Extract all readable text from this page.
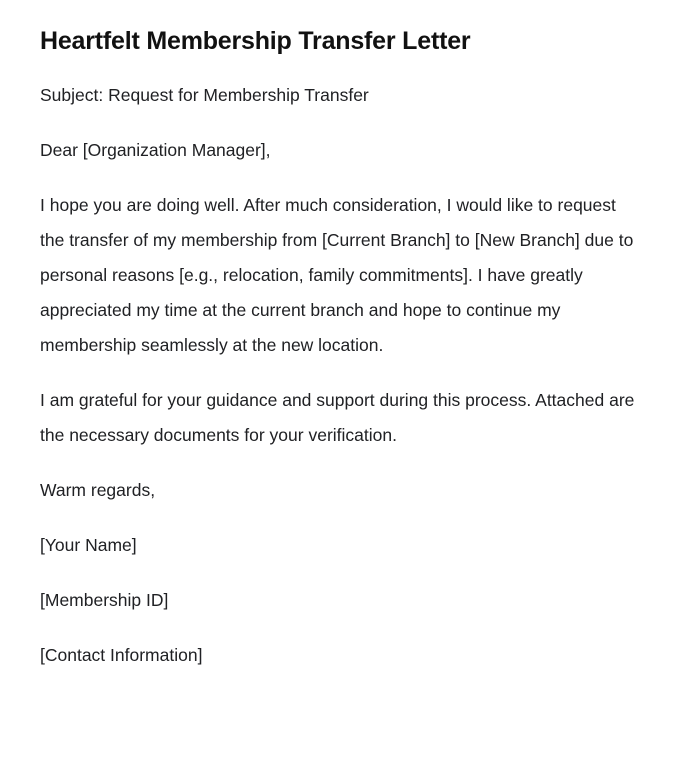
Heartfelt Membership Transfer Letter

Subject: Request for Membership Transfer

Dear [Organization Manager],

I hope you are doing well. After much consideration, I would like to request the transfer of my membership from [Current Branch] to [New Branch] due to personal reasons [e.g., relocation, family commitments]. I have greatly appreciated my time at the current branch and hope to continue my membership seamlessly at the new location.

I am grateful for your guidance and support during this process. Attached are the necessary documents for your verification.

Warm regards,

[Your Name]

[Membership ID]

[Contact Information]
